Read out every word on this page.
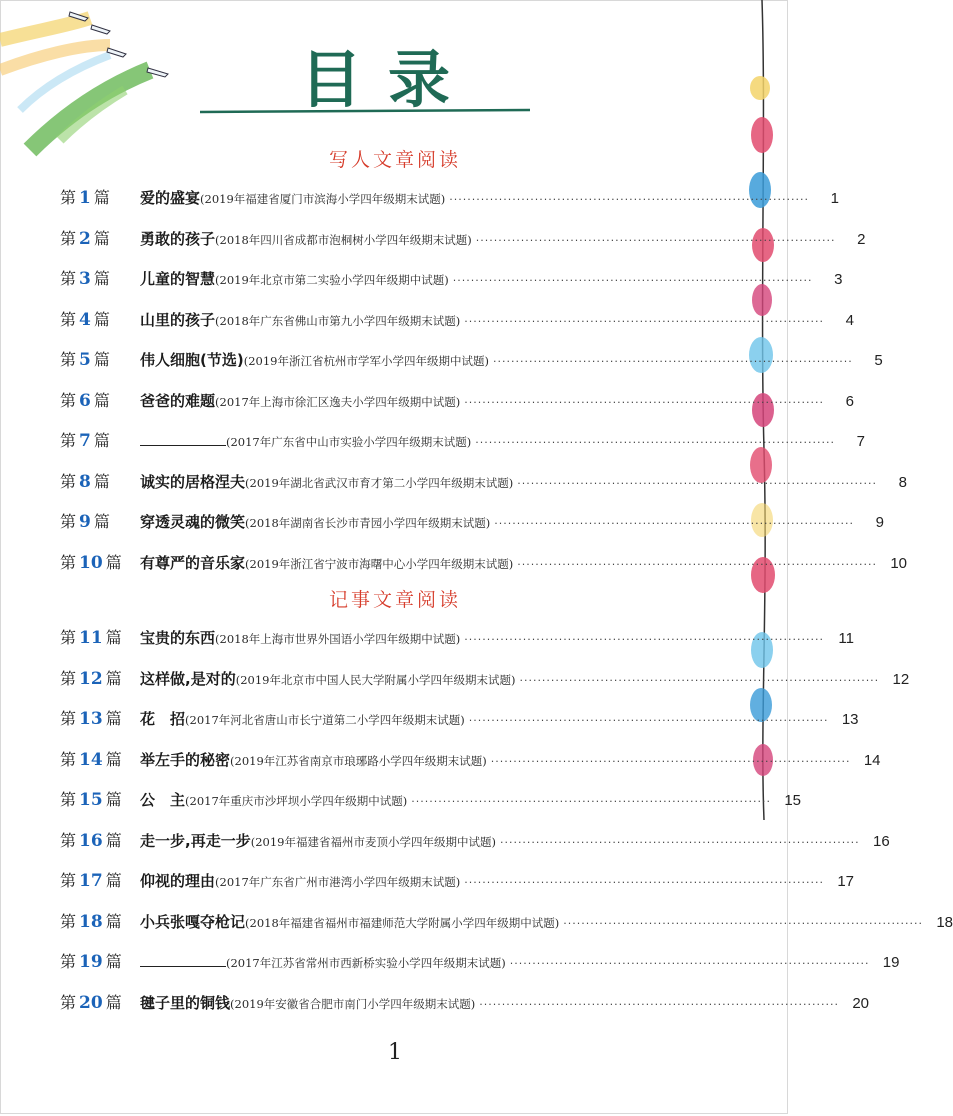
目录
写人文章阅读
第 1 篇	爱的盛宴 (2019年福建省厦门市滨海小学四年级期末试题) ················································································	1
第 2 篇	勇敢的孩子 (2018年四川省成都市泡桐树小学四年级期末试题) ················································································	2
第 3 篇	儿童的智慧 (2019年北京市第二实验小学四年级期中试题) ················································································	3
第 4 篇	山里的孩子 (2018年广东省佛山市第九小学四年级期末试题) ················································································	4
第 5 篇	伟人细胞(节选) (2019年浙江省杭州市学军小学四年级期中试题) ················································································	5
第 6 篇	爸爸的难题 (2017年上海市徐汇区逸夫小学四年级期中试题) ················································································	6
第 7 篇	(2017年广东省中山市实验小学四年级期末试题) ················································································	7
第 8 篇	诚实的居格涅夫 (2019年湖北省武汉市育才第二小学四年级期末试题) ················································································	8
第 9 篇	穿透灵魂的微笑 (2018年湖南省长沙市青园小学四年级期末试题) ················································································	9
第 10 篇	有尊严的音乐家 (2019年浙江省宁波市海曙中心小学四年级期末试题) ················································································ 10
记事文章阅读
第 11 篇	宝贵的东西 (2018年上海市世界外国语小学四年级期中试题) ················································································ 11
第 12 篇	这样做,是对的 (2019年北京市中国人民大学附属小学四年级期末试题) ················································································ 12
第 13 篇	花　招 (2017年河北省唐山市长宁道第二小学四年级期末试题) ················································································ 13
第 14 篇	举左手的秘密 (2019年江苏省南京市琅琊路小学四年级期末试题) ················································································ 14
第 15 篇	公　主 (2017年重庆市沙坪坝小学四年级期中试题) ················································································ 15
第 16 篇	走一步,再走一步 (2019年福建省福州市麦顶小学四年级期中试题) ················································································ 16
第 17 篇	仰视的理由 (2017年广东省广州市港湾小学四年级期末试题) ················································································ 17
第 18 篇	小兵张嘎夺枪记 (2018年福建省福州市福建师范大学附属小学四年级期中试题) ················································································ 18
第 19 篇	(2017年江苏省常州市西新桥实验小学四年级期末试题) ················································································ 19
第 20 篇	毽子里的铜钱 (2019年安徽省合肥市南门小学四年级期末试题) ················································································ 20
1
